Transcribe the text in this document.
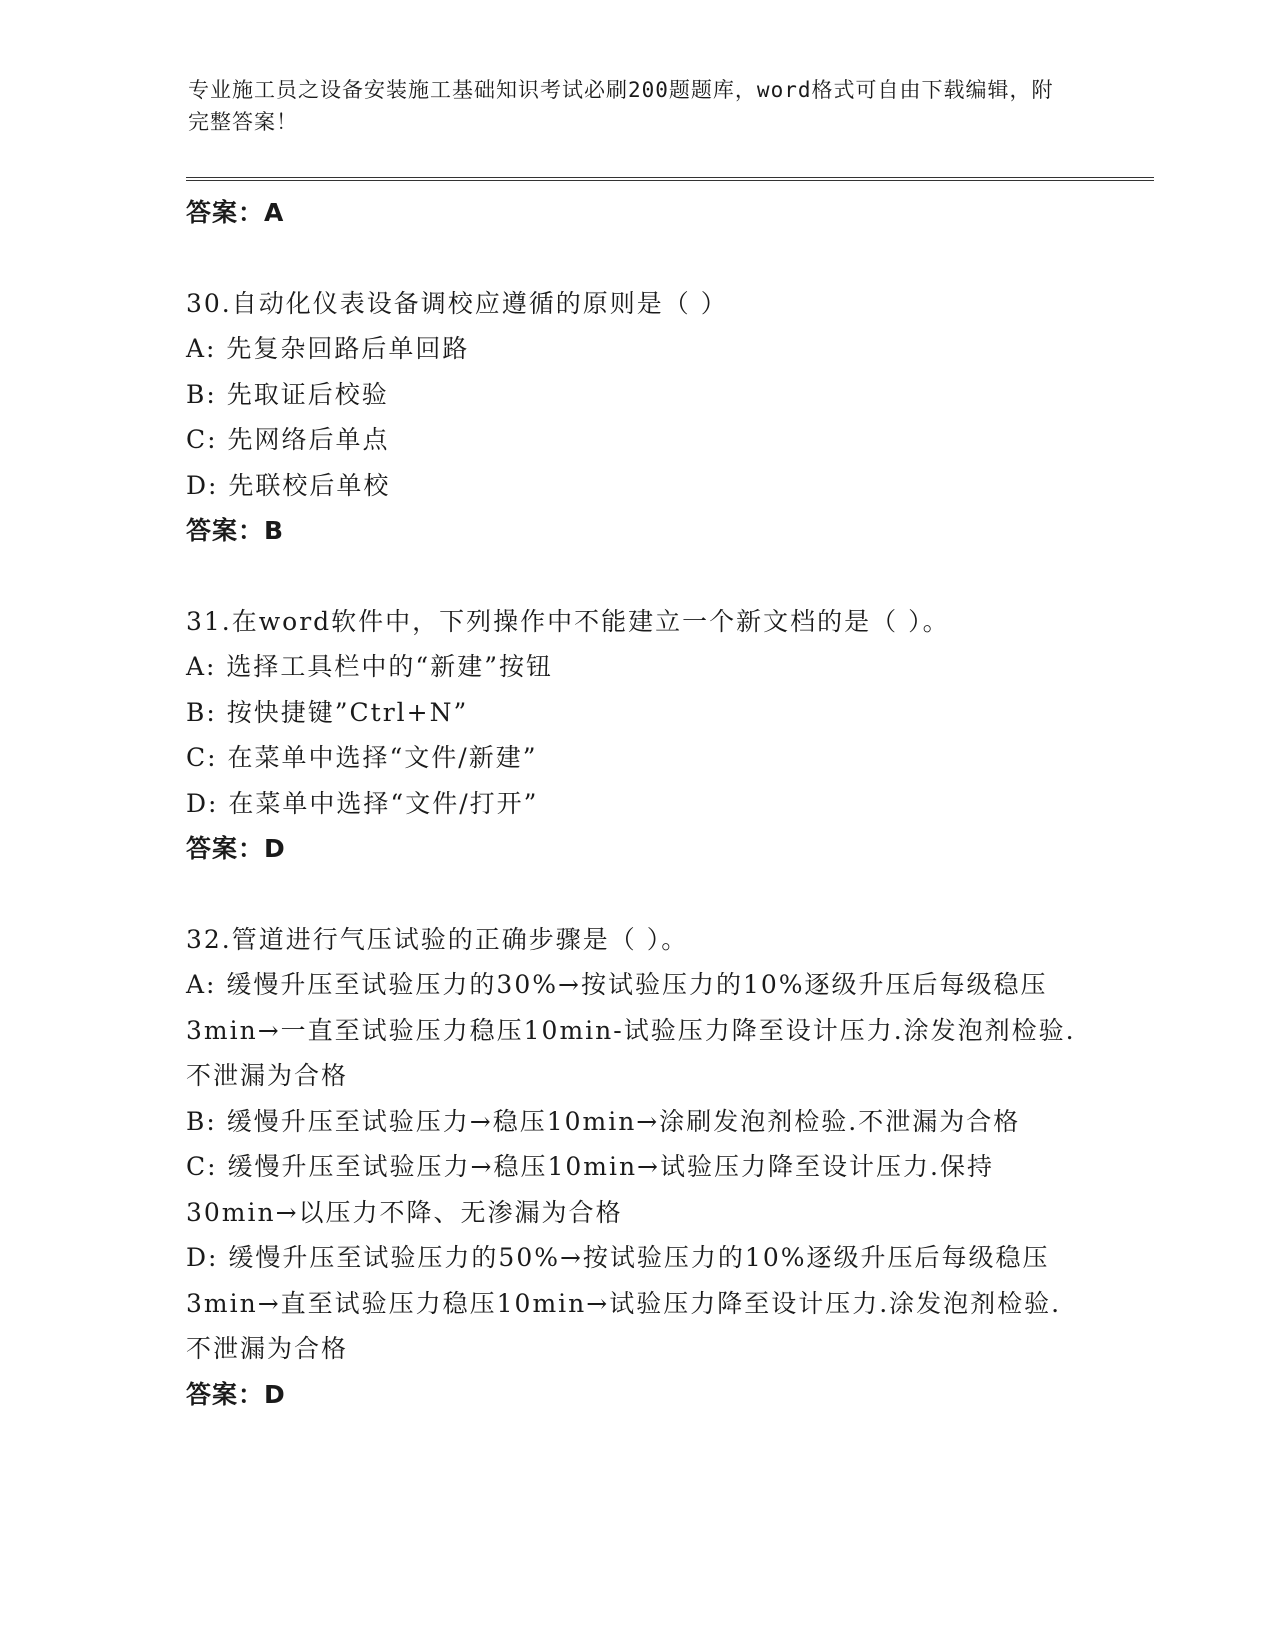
专业施工员之设备安装施工基础知识考试必刷200题题库，word格式可自由下载编辑，附完整答案！
答案：A
30.自动化仪表设备调校应遵循的原则是（ ）
A: 先复杂回路后单回路
B: 先取证后校验
C: 先网络后单点
D: 先联校后单校
答案：B
31.在word软件中，下列操作中不能建立一个新文档的是（ ）。
A: 选择工具栏中的“新建”按钮
B: 按快捷键”Ctrl+N”
C: 在菜单中选择“文件/新建”
D: 在菜单中选择“文件/打开”
答案：D
32.管道进行气压试验的正确步骤是（ ）。
A: 缓慢升压至试验压力的30%→按试验压力的10%逐级升压后每级稳压3min→一直至试验压力稳压10min-试验压力降至设计压力.涂发泡剂检验.不泄漏为合格
B: 缓慢升压至试验压力→稳压10min→涂刷发泡剂检验.不泄漏为合格
C: 缓慢升压至试验压力→稳压10min→试验压力降至设计压力.保持30min→以压力不降、无渗漏为合格
D: 缓慢升压至试验压力的50%→按试验压力的10%逐级升压后每级稳压3min→直至试验压力稳压10min→试验压力降至设计压力.涂发泡剂检验.不泄漏为合格
答案：D
